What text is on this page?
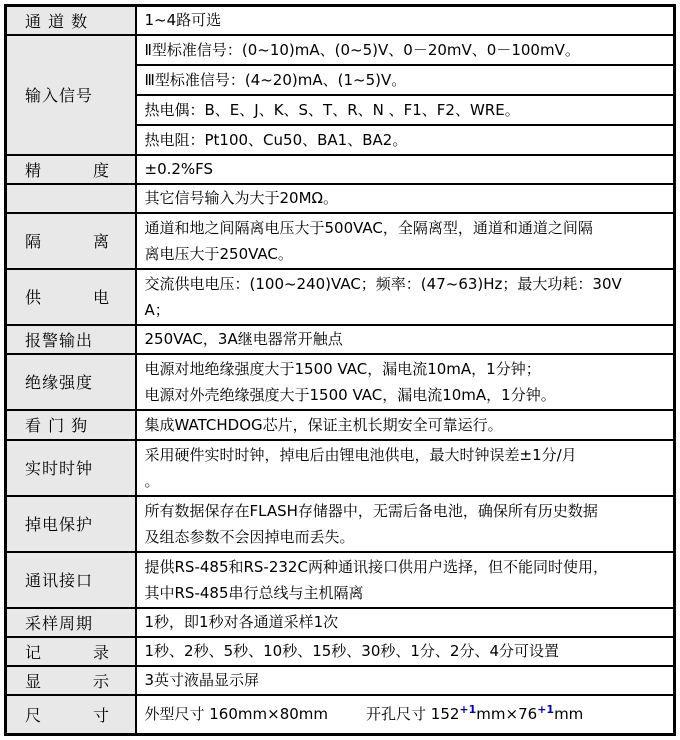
通 道 数	1~4路可选

输入信号	Ⅱ型标准信号：(0~10)mA、(0~5)V、0－20mV、0－100mV。

	Ⅲ型标准信号：(4~20)mA、(1~5)V。

	热电偶：B、E、J、K、S、T、R、N 、F1、F2、WRE。

	热电阻：Pt100、Cu50、BA1、BA2。

精　　　度	±0.2%FS

	其它信号输入为大于20MΩ。

隔　　　离	通道和地之间隔离电压大于500VAC，全隔离型，通道和通道之间隔
离电压大于250VAC。

供　　　电	交流供电电压：(100~240)VAC；频率：(47~63)Hz；最大功耗：30V
A；

报警输出	250VAC，3A继电器常开触点

绝缘强度	电源对地绝缘强度大于1500 VAC，漏电流10mA，1分钟；
电源对外壳绝缘强度大于1500 VAC，漏电流10mA，1分钟。

看 门 狗	集成WATCHDOG芯片，保证主机长期安全可靠运行。

实时时钟	采用硬件实时时钟，掉电后由锂电池供电，最大时钟误差±1分/月
。

掉电保护	所有数据保存在FLASH存储器中，无需后备电池，确保所有历史数据
及组态参数不会因掉电而丢失。

通讯接口	提供RS-485和RS-232C两种通讯接口供用户选择，但不能同时使用，
其中RS-485串行总线与主机隔离

采样周期	1秒，即1秒对各通道采样1次

记　　　录	1秒、2秒、5秒、10秒、15秒、30秒、1分、2分、4分可设置

显　　　示	3英寸液晶显示屏

尺　　　寸	外型尺寸 160mm×80mm 开孔尺寸 $152^{+1}mm\times 76^{+1}mm$
